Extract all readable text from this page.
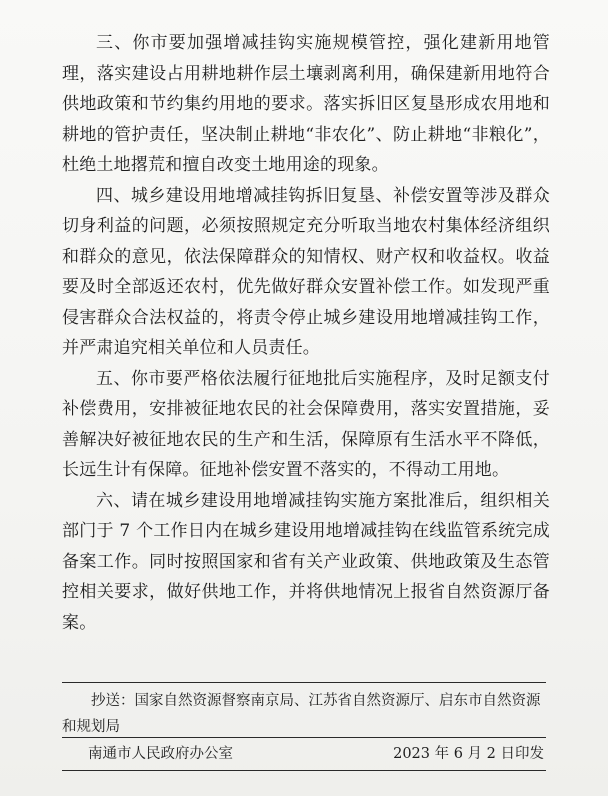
三、你市要加强增减挂钩实施规模管控，强化建新用地管理，落实建设占用耕地耕作层土壤剥离利用，确保建新用地符合供地政策和节约集约用地的要求。落实拆旧区复垦形成农用地和耕地的管护责任，坚决制止耕地“非农化”、防止耕地“非粮化”，杜绝土地撂荒和擅自改变土地用途的现象。

四、城乡建设用地增减挂钩拆旧复垦、补偿安置等涉及群众切身利益的问题，必须按照规定充分听取当地农村集体经济组织和群众的意见，依法保障群众的知情权、财产权和收益权。收益要及时全部返还农村，优先做好群众安置补偿工作。如发现严重侵害群众合法权益的，将责令停止城乡建设用地增减挂钩工作，并严肃追究相关单位和人员责任。

五、你市要严格依法履行征地批后实施程序，及时足额支付补偿费用，安排被征地农民的社会保障费用，落实安置措施，妥善解决好被征地农民的生产和生活，保障原有生活水平不降低，长远生计有保障。征地补偿安置不落实的，不得动工用地。

六、请在城乡建设用地增减挂钩实施方案批准后，组织相关部门于 7 个工作日内在城乡建设用地增减挂钩在线监管系统完成备案工作。同时按照国家和省有关产业政策、供地政策及生态管控相关要求，做好供地工作，并将供地情况上报省自然资源厅备案。

抄送：国家自然资源督察南京局、江苏省自然资源厅、启东市自然资源和规划局
南通市人民政府办公室	2023 年 6 月 2 日印发
